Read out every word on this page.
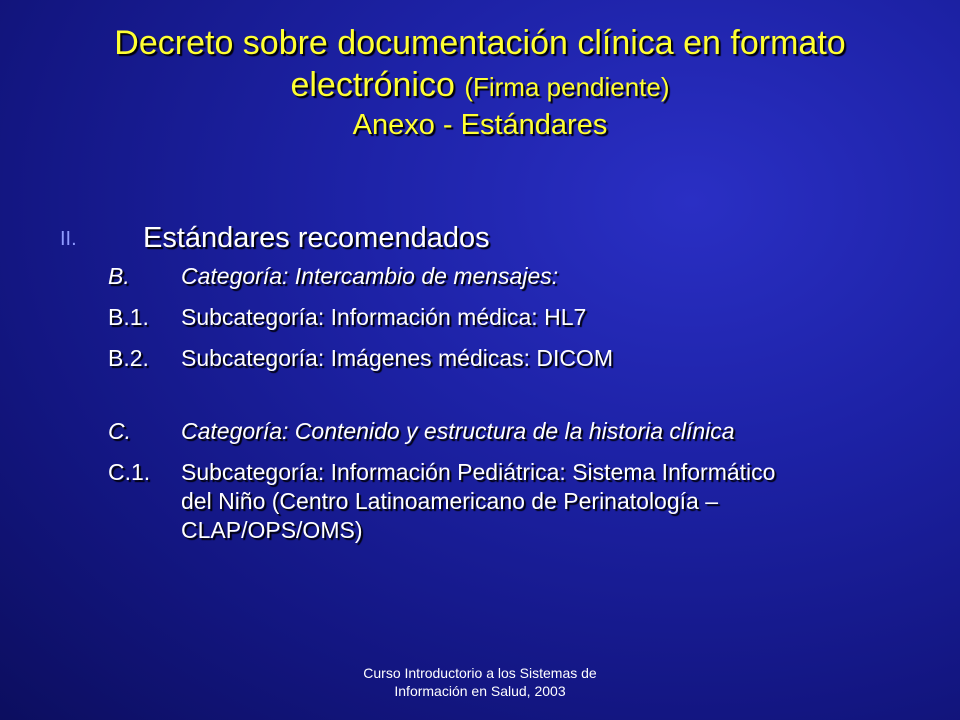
Decreto sobre documentación clínica en formato
electrónico (Firma pendiente)
Anexo - Estándares
II. Estándares recomendados
B. Categoría: Intercambio de mensajes:
B.1. Subcategoría: Información médica: HL7
B.2. Subcategoría: Imágenes médicas: DICOM
C. Categoría: Contenido y estructura de la historia clínica
C.1. Subcategoría: Información Pediátrica: Sistema Informático
del Niño (Centro Latinoamericano de Perinatología –
CLAP/OPS/OMS)
Curso Introductorio a los Sistemas de
Información en Salud, 2003
